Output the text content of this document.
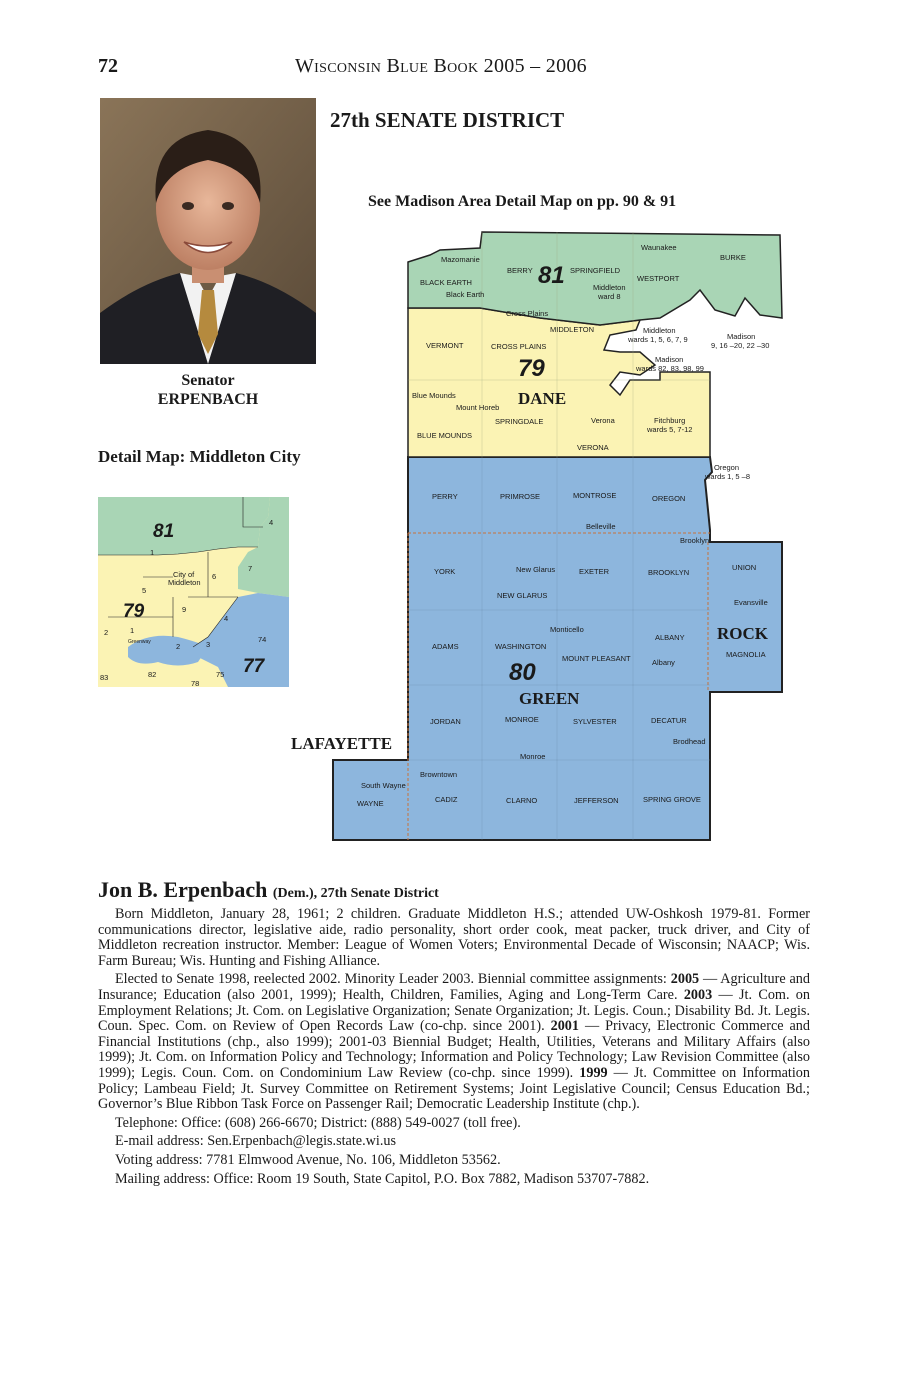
72	Wisconsin Blue Book 2005 – 2006
27th SENATE DISTRICT
Senator
ERPENBACH
Detail Map: Middleton City
81
79
77
City of
Middleton
1
2
3
4
5
6
7
9
74
75
82
83
78
4
2
1
Greenway
See Madison Area Detail Map on pp. 90 & 91
81
79
80
DANE
GREEN
ROCK
Mazomanie
BLACK EARTH
Black Earth
BERRY	SPRINGFIELD
Waunakee
WESTPORT
BURKE
Middleton
ward 8
Cross Plains
MIDDLETON	Middleton
wards 1, 5, 6, 7, 9	Madison
9, 16 –20, 22 –30
Madison
wards 82, 83, 98, 99
VERMONT	CROSS PLAINS
Blue Mounds
Mount Horeb
SPRINGDALE	Verona	Fitchburg
wards 5, 7-12
BLUE MOUNDS
VERONA
Oregon
wards 1, 5 –8
PERRY	PRIMROSE	MONTROSE	OREGON
Belleville
Brooklyn
YORK	New Glarus	EXETER	BROOKLYN
UNION
NEW GLARUS
Evansville
Monticello
ALBANY
ADAMS	WASHINGTON
MOUNT PLEASANT	Albany
MAGNOLIA
JORDAN	MONROE	SYLVESTER	DECATUR
Brodhead
Monroe
Browntown
South Wayne
WAYNE	CADIZ	CLARNO	JEFFERSON	SPRING GROVE
LAFAYETTE
Jon B. Erpenbach (Dem.), 27th Senate District

Born Middleton, January 28, 1961; 2 children. Graduate Middleton H.S.; attended UW-Oshkosh 1979-81. Former communications director, legislative aide, radio personality, short order cook, meat packer, truck driver, and City of Middleton recreation instructor. Member: League of Women Voters; Environmental Decade of Wisconsin; NAACP; Wis. Farm Bureau; Wis. Hunting and Fishing Alliance.

Elected to Senate 1998, reelected 2002. Minority Leader 2003. Biennial committee assignments: 2005 — Agriculture and Insurance; Education (also 2001, 1999); Health, Children, Families, Aging and Long-Term Care. 2003 — Jt. Com. on Employment Relations; Jt. Com. on Legislative Organization; Senate Organization; Jt. Legis. Coun.; Disability Bd. Jt. Legis. Coun. Spec. Com. on Review of Open Records Law (co-chp. since 2001). 2001 — Privacy, Electronic Commerce and Financial Institutions (chp., also 1999); 2001-03 Biennial Budget; Health, Utilities, Veterans and Military Affairs (also 1999); Jt. Com. on Information Policy and Technology; Information and Policy Technology; Law Revision Committee (also 1999); Legis. Coun. Com. on Condominium Law Review (co-chp. since 1999). 1999 — Jt. Committee on Information Policy; Lambeau Field; Jt. Survey Committee on Retirement Systems; Joint Legislative Council; Census Education Bd.; Governor’s Blue Ribbon Task Force on Passenger Rail; Democratic Leadership Institute (chp.).

Telephone: Office: (608) 266-6670; District: (888) 549-0027 (toll free).

E-mail address: Sen.Erpenbach@legis.state.wi.us

Voting address: 7781 Elmwood Avenue, No. 106, Middleton 53562.

Mailing address: Office: Room 19 South, State Capitol, P.O. Box 7882, Madison 53707-7882.
